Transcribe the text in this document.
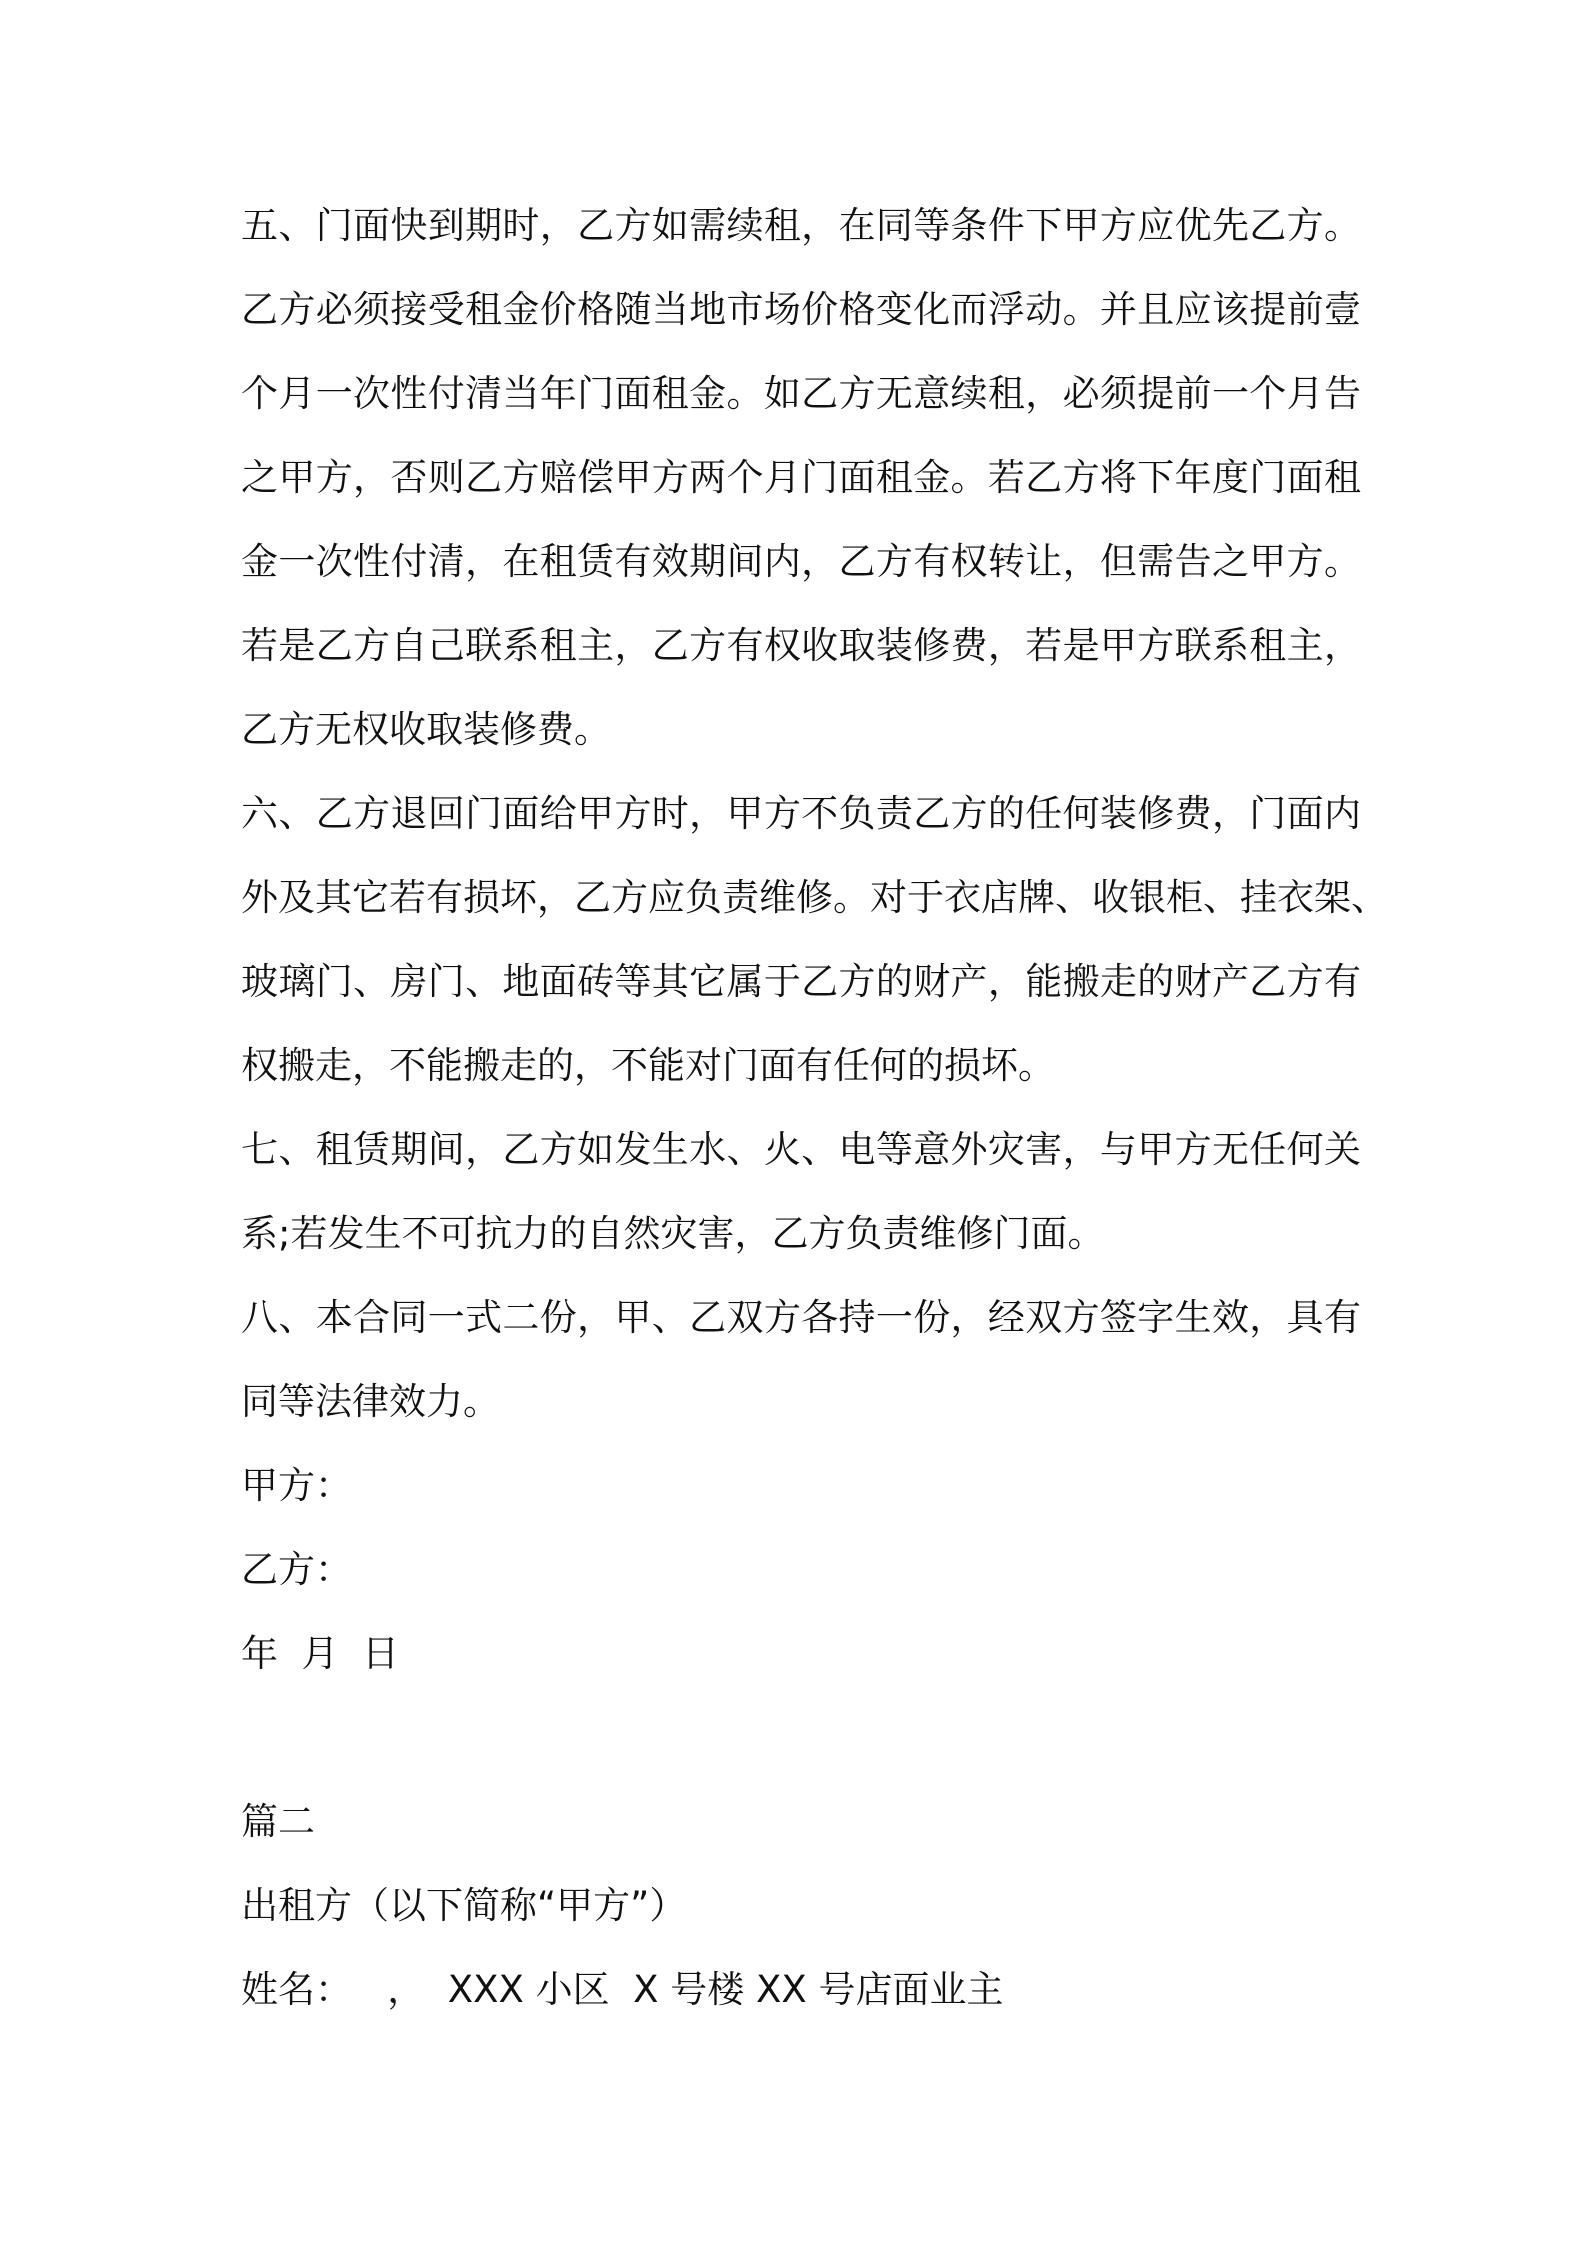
五、门面快到期时，乙方如需续租，在同等条件下甲方应优先乙方。
乙方必须接受租金价格随当地市场价格变化而浮动。并且应该提前壹
个月一次性付清当年门面租金。如乙方无意续租，必须提前一个月告
之甲方，否则乙方赔偿甲方两个月门面租金。若乙方将下年度门面租
金一次性付清，在租赁有效期间内，乙方有权转让，但需告之甲方。
若是乙方自己联系租主，乙方有权收取装修费，若是甲方联系租主，
乙方无权收取装修费。
六、乙方退回门面给甲方时，甲方不负责乙方的任何装修费，门面内
外及其它若有损坏，乙方应负责维修。对于衣店牌、收银柜、挂衣架、
玻璃门、房门、地面砖等其它属于乙方的财产，能搬走的财产乙方有
权搬走，不能搬走的，不能对门面有任何的损坏。
七、租赁期间，乙方如发生水、火、电等意外灾害，与甲方无任何关
系;若发生不可抗力的自然灾害，乙方负责维修门面。
八、本合同一式二份，甲、乙双方各持一份，经双方签字生效，具有
同等法律效力。
甲方：
乙方：
年  月  日
篇二
出租方（以下简称“甲方”）
姓名：   ，  XXX 小区  X 号楼 XX 号店面业主
